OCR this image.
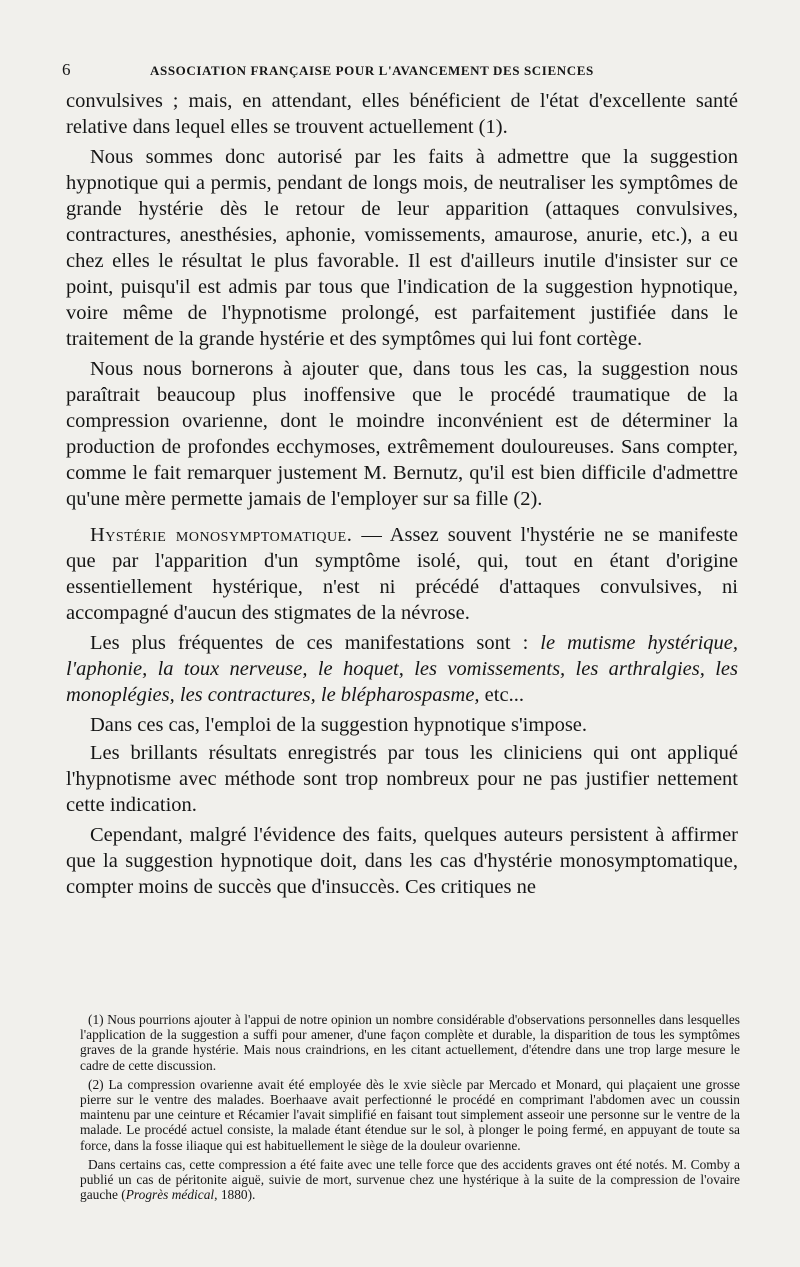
6	ASSOCIATION FRANÇAISE POUR L'AVANCEMENT DES SCIENCES

convulsives ; mais, en attendant, elles bénéficient de l'état d'excellente santé relative dans lequel elles se trouvent actuellement (1).

Nous sommes donc autorisé par les faits à admettre que la suggestion hypnotique qui a permis, pendant de longs mois, de neutraliser les symptômes de grande hystérie dès le retour de leur apparition (attaques convulsives, contractures, anesthésies, aphonie, vomissements, amaurose, anurie, etc.), a eu chez elles le résultat le plus favorable. Il est d'ailleurs inutile d'insister sur ce point, puisqu'il est admis par tous que l'indication de la suggestion hypnotique, voire même de l'hypnotisme prolongé, est parfaitement justifiée dans le traitement de la grande hystérie et des symptômes qui lui font cortège.

Nous nous bornerons à ajouter que, dans tous les cas, la suggestion nous paraîtrait beaucoup plus inoffensive que le procédé traumatique de la compression ovarienne, dont le moindre inconvénient est de déterminer la production de profondes ecchymoses, extrêmement douloureuses. Sans compter, comme le fait remarquer justement M. Bernutz, qu'il est bien difficile d'admettre qu'une mère permette jamais de l'employer sur sa fille (2).

Hystérie monosymptomatique. — Assez souvent l'hystérie ne se manifeste que par l'apparition d'un symptôme isolé, qui, tout en étant d'origine essentiellement hystérique, n'est ni précédé d'attaques convulsives, ni accompagné d'aucun des stigmates de la névrose.

Les plus fréquentes de ces manifestations sont : le mutisme hystérique, l'aphonie, la toux nerveuse, le hoquet, les vomissements, les arthralgies, les monoplégies, les contractures, le blépharospasme, etc...

Dans ces cas, l'emploi de la suggestion hypnotique s'impose.

Les brillants résultats enregistrés par tous les cliniciens qui ont appliqué l'hypnotisme avec méthode sont trop nombreux pour ne pas justifier nettement cette indication.

Cependant, malgré l'évidence des faits, quelques auteurs persistent à affirmer que la suggestion hypnotique doit, dans les cas d'hystérie monosymptomatique, compter moins de succès que d'insuccès. Ces critiques ne

(1) Nous pourrions ajouter à l'appui de notre opinion un nombre considérable d'observations personnelles dans lesquelles l'application de la suggestion a suffi pour amener, d'une façon complète et durable, la disparition de tous les symptômes graves de la grande hystérie. Mais nous craindrions, en les citant actuellement, d'étendre dans une trop large mesure le cadre de cette discussion.

(2) La compression ovarienne avait été employée dès le xvie siècle par Mercado et Monard, qui plaçaient une grosse pierre sur le ventre des malades. Boerhaave avait perfectionné le procédé en comprimant l'abdomen avec un coussin maintenu par une ceinture et Récamier l'avait simplifié en faisant tout simplement asseoir une personne sur le ventre de la malade. Le procédé actuel consiste, la malade étant étendue sur le sol, à plonger le poing fermé, en appuyant de toute sa force, dans la fosse iliaque qui est habituellement le siège de la douleur ovarienne.

Dans certains cas, cette compression a été faite avec une telle force que des accidents graves ont été notés. M. Comby a publié un cas de péritonite aiguë, suivie de mort, survenue chez une hystérique à la suite de la compression de l'ovaire gauche (Progrès médical, 1880).
